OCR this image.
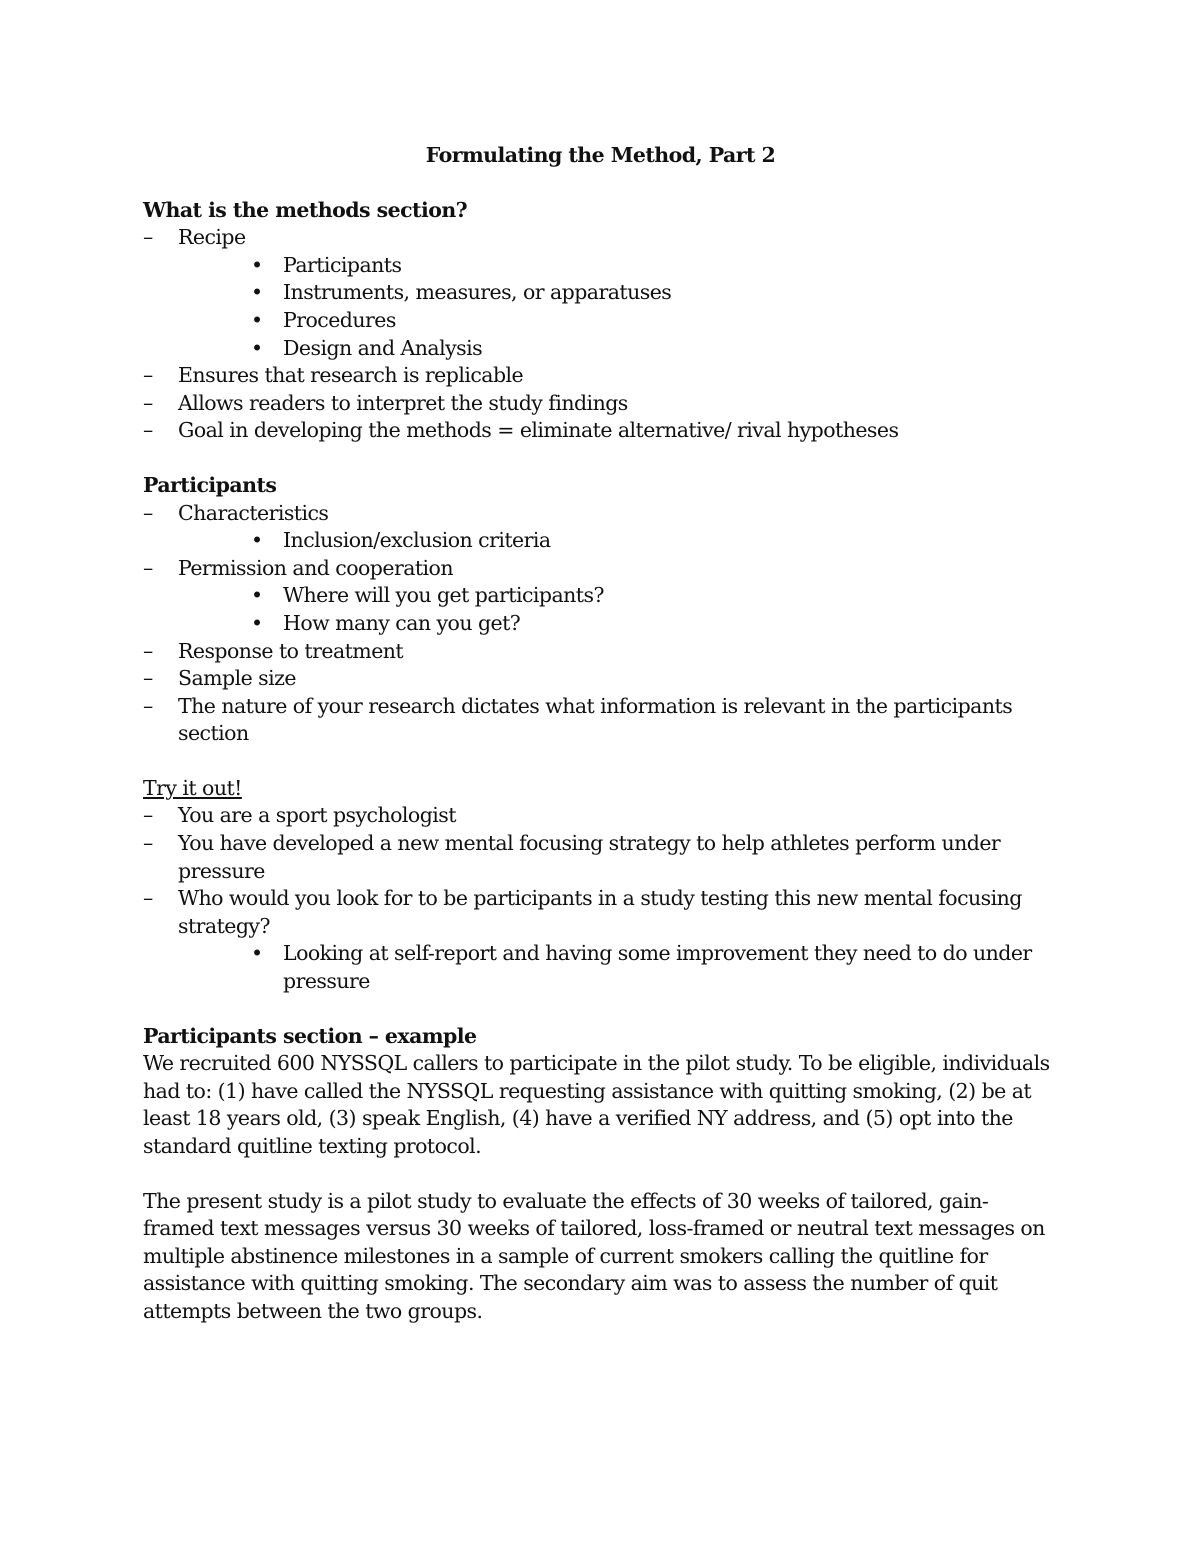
Formulating the Method, Part 2
What is the methods section?
– Recipe
• Participants
• Instruments, measures, or apparatuses
• Procedures
• Design and Analysis
– Ensures that research is replicable
– Allows readers to interpret the study findings
– Goal in developing the methods = eliminate alternative/ rival hypotheses
Participants
– Characteristics
• Inclusion/exclusion criteria
– Permission and cooperation
• Where will you get participants?
• How many can you get?
– Response to treatment
– Sample size
– The nature of your research dictates what information is relevant in the participants section
Try it out!
– You are a sport psychologist
– You have developed a new mental focusing strategy to help athletes perform under pressure
– Who would you look for to be participants in a study testing this new mental focusing strategy?
• Looking at self-report and having some improvement they need to do under pressure
Participants section – example

We recruited 600 NYSSQL callers to participate in the pilot study. To be eligible, individuals had to: (1) have called the NYSSQL requesting assistance with quitting smoking, (2) be at least 18 years old, (3) speak English, (4) have a verified NY address, and (5) opt into the standard quitline texting protocol.

The present study is a pilot study to evaluate the effects of 30 weeks of tailored, gain-framed text messages versus 30 weeks of tailored, loss-framed or neutral text messages on multiple abstinence milestones in a sample of current smokers calling the quitline for assistance with quitting smoking. The secondary aim was to assess the number of quit attempts between the two groups.
